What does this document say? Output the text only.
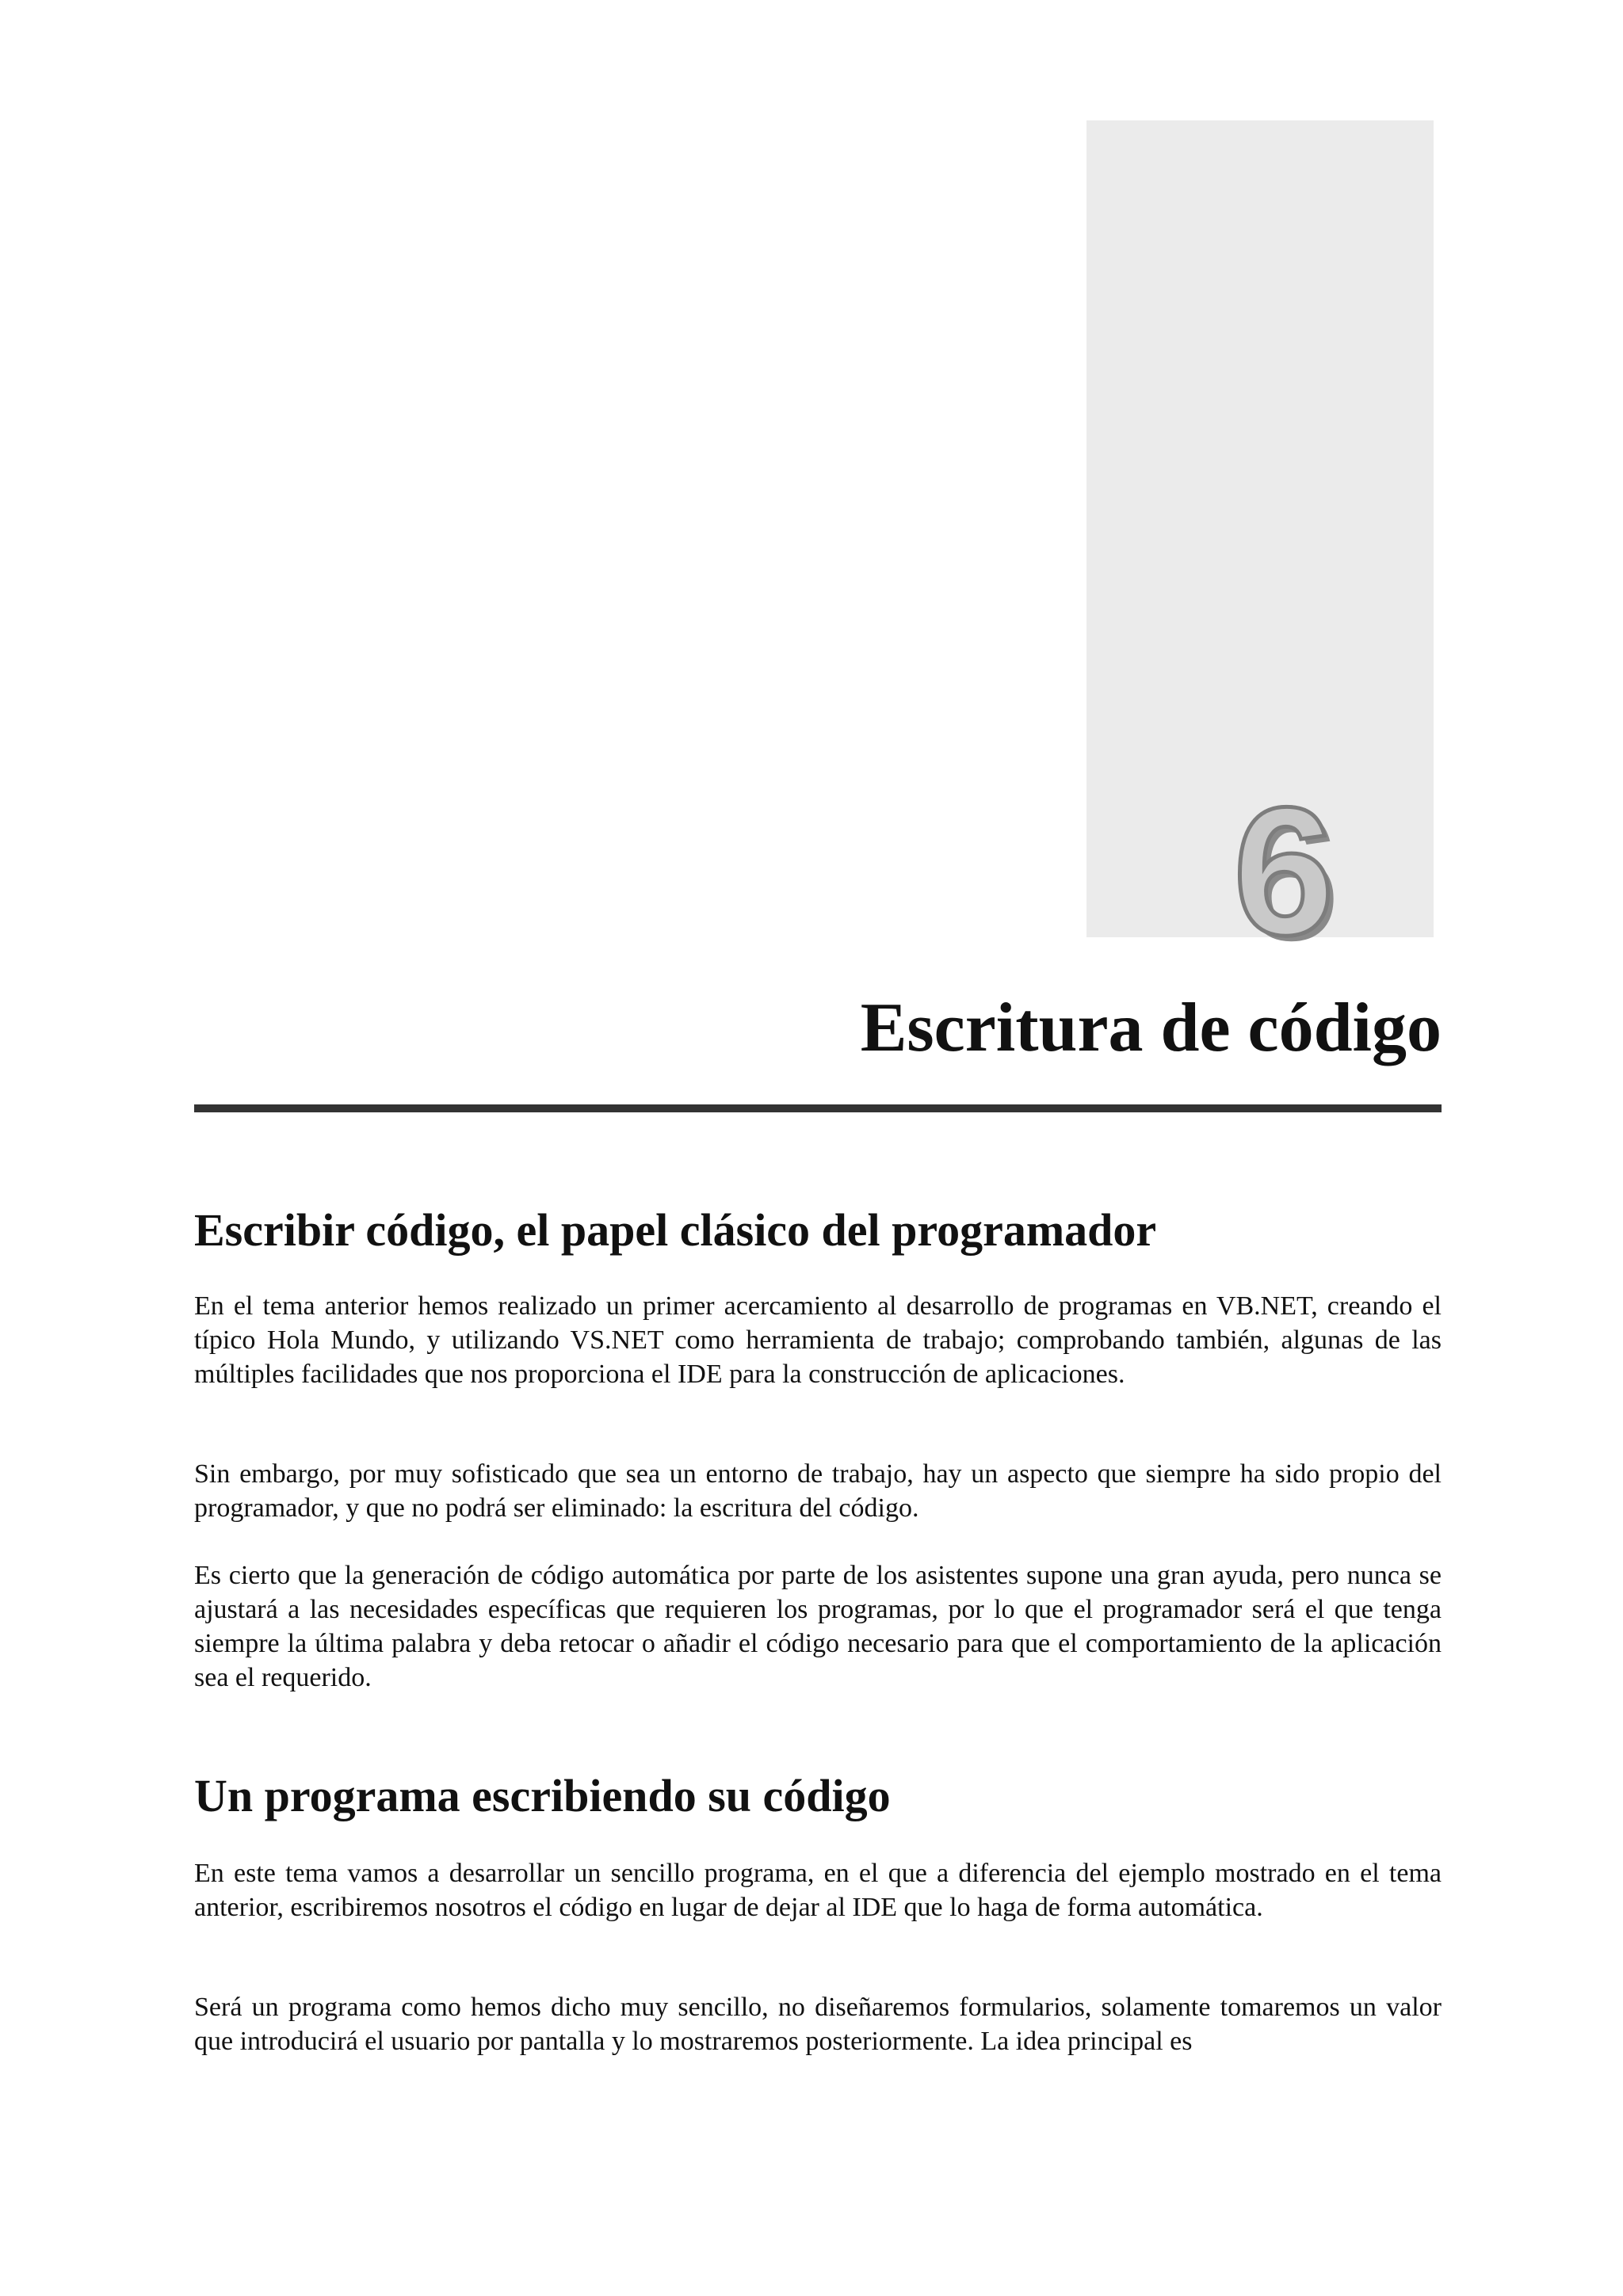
6
Escritura de código
Escribir código, el papel clásico del programador

En el tema anterior hemos realizado un primer acercamiento al desarrollo de programas en VB.NET, creando el típico Hola Mundo, y utilizando VS.NET como herramienta de trabajo; comprobando también, algunas de las múltiples facilidades que nos proporciona el IDE para la construcción de aplicaciones.

Sin embargo, por muy sofisticado que sea un entorno de trabajo, hay un aspecto que siempre ha sido propio del programador, y que no podrá ser eliminado: la escritura del código.

Es cierto que la generación de código automática por parte de los asistentes supone una gran ayuda, pero nunca se ajustará a las necesidades específicas que requieren los programas, por lo que el programador será el que tenga siempre la última palabra y deba retocar o añadir el código necesario para que el comportamiento de la aplicación sea el requerido.

Un programa escribiendo su código

En este tema vamos a desarrollar un sencillo programa, en el que a diferencia del ejemplo mostrado en el tema anterior, escribiremos nosotros el código en lugar de dejar al IDE que lo haga de forma automática.

Será un programa como hemos dicho muy sencillo, no diseñaremos formularios, solamente tomaremos un valor que introducirá el usuario por pantalla y lo mostraremos posteriormente. La idea principal es
